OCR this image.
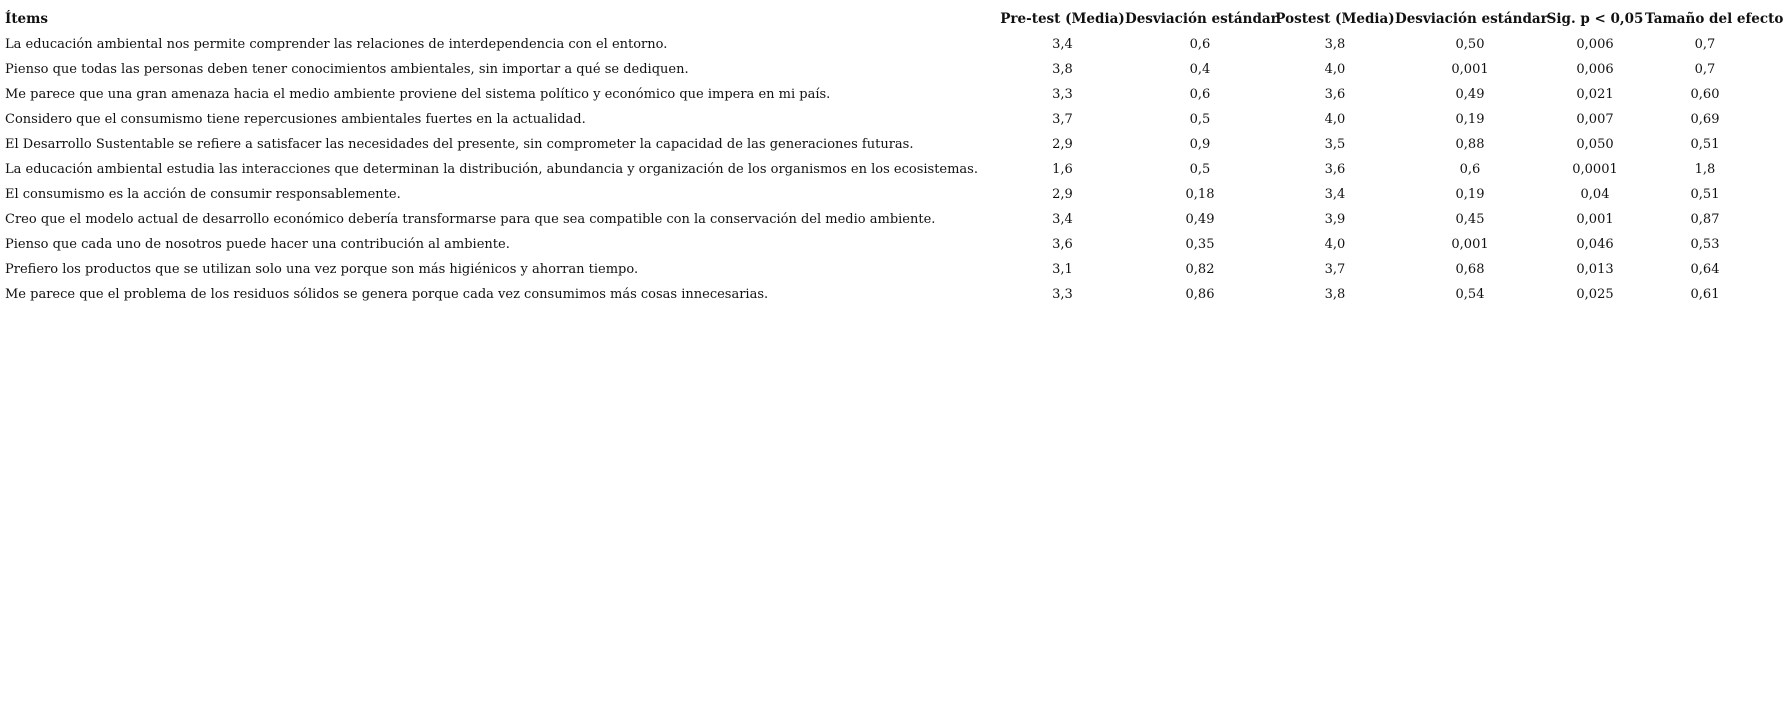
Ítems	Pre-test (Media)	Desviación estándar	Postest (Media)	Desviación estándar	Sig. p < 0,05	Tamaño del efecto
La educación ambiental nos permite comprender las relaciones de interdependencia con el entorno.	3,4	0,6	3,8	0,50	0,006	0,7
Pienso que todas las personas deben tener conocimientos ambientales, sin importar a qué se dediquen.	3,8	0,4	4,0	0,001	0,006	0,7
Me parece que una gran amenaza hacia el medio ambiente proviene del sistema político y económico que impera en mi país.	3,3	0,6	3,6	0,49	0,021	0,60
Considero que el consumismo tiene repercusiones ambientales fuertes en la actualidad.	3,7	0,5	4,0	0,19	0,007	0,69
El Desarrollo Sustentable se refiere a satisfacer las necesidades del presente, sin comprometer la capacidad de las generaciones futuras.	2,9	0,9	3,5	0,88	0,050	0,51
La educación ambiental estudia las interacciones que determinan la distribución, abundancia y organización de los organismos en los ecosistemas.	1,6	0,5	3,6	0,6	0,0001	1,8
El consumismo es la acción de consumir responsablemente.	2,9	0,18	3,4	0,19	0,04	0,51
Creo que el modelo actual de desarrollo económico debería transformarse para que sea compatible con la conservación del medio ambiente.	3,4	0,49	3,9	0,45	0,001	0,87
Pienso que cada uno de nosotros puede hacer una contribución al ambiente.	3,6	0,35	4,0	0,001	0,046	0,53
Prefiero los productos que se utilizan solo una vez porque son más higiénicos y ahorran tiempo.	3,1	0,82	3,7	0,68	0,013	0,64
Me parece que el problema de los residuos sólidos se genera porque cada vez consumimos más cosas innecesarias.	3,3	0,86	3,8	0,54	0,025	0,61
